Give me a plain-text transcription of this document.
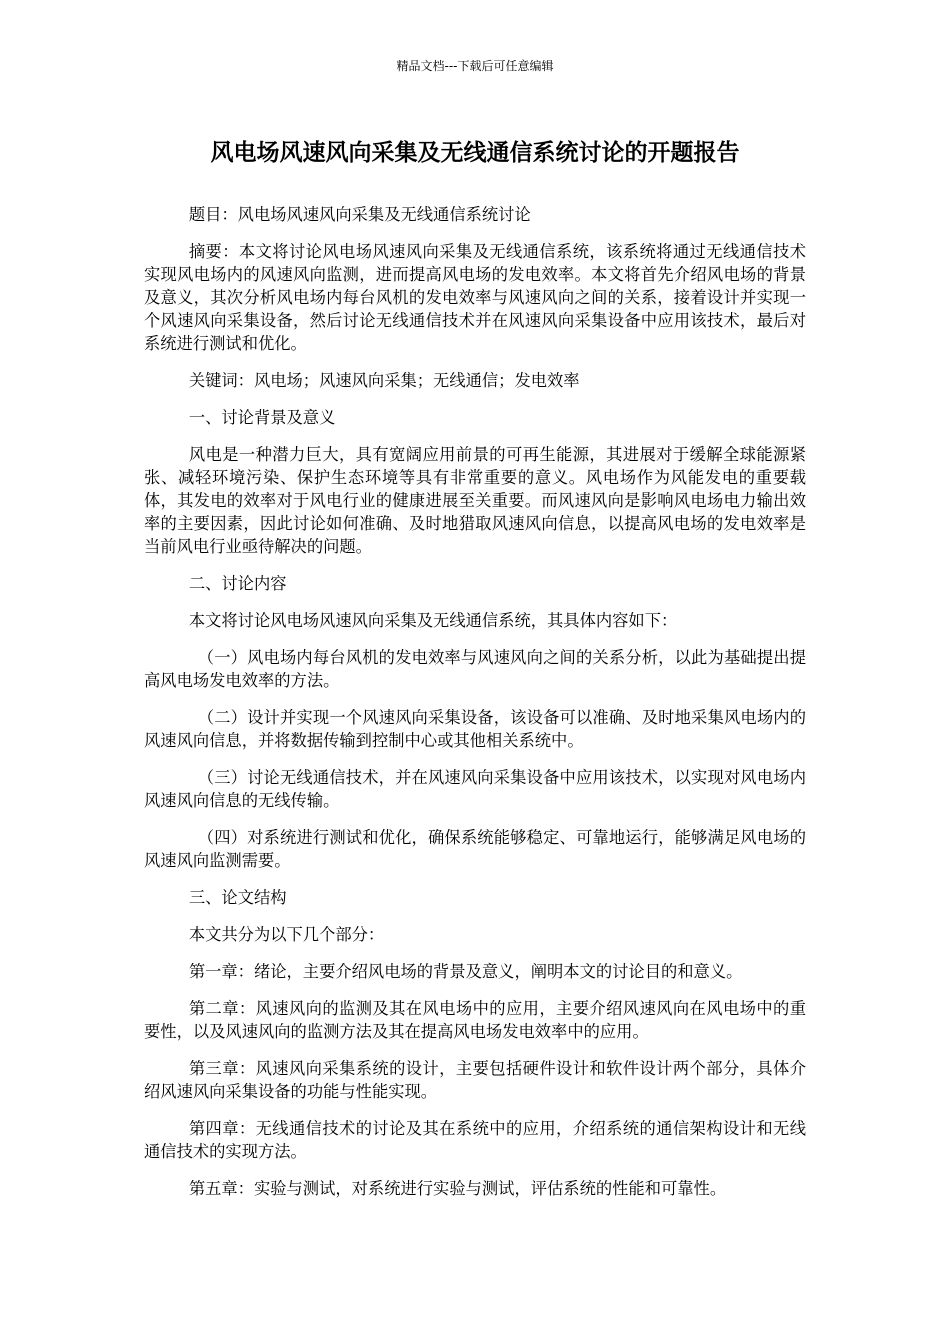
精品文档---下载后可任意编辑
风电场风速风向采集及无线通信系统讨论的开题报告

题目：风电场风速风向采集及无线通信系统讨论

摘要：本文将讨论风电场风速风向采集及无线通信系统，该系统将通过无线通信技术实现风电场内的风速风向监测，进而提高风电场的发电效率。本文将首先介绍风电场的背景及意义，其次分析风电场内每台风机的发电效率与风速风向之间的关系，接着设计并实现一个风速风向采集设备，然后讨论无线通信技术并在风速风向采集设备中应用该技术，最后对系统进行测试和优化。

关键词：风电场；风速风向采集；无线通信；发电效率

一、讨论背景及意义

风电是一种潜力巨大，具有宽阔应用前景的可再生能源，其进展对于缓解全球能源紧张、减轻环境污染、保护生态环境等具有非常重要的意义。风电场作为风能发电的重要载体，其发电的效率对于风电行业的健康进展至关重要。而风速风向是影响风电场电力输出效率的主要因素，因此讨论如何准确、及时地猎取风速风向信息，以提高风电场的发电效率是当前风电行业亟待解决的问题。

二、讨论内容

本文将讨论风电场风速风向采集及无线通信系统，其具体内容如下：

（一）风电场内每台风机的发电效率与风速风向之间的关系分析，以此为基础提出提高风电场发电效率的方法。

（二）设计并实现一个风速风向采集设备，该设备可以准确、及时地采集风电场内的风速风向信息，并将数据传输到控制中心或其他相关系统中。

（三）讨论无线通信技术，并在风速风向采集设备中应用该技术，以实现对风电场内风速风向信息的无线传输。

（四）对系统进行测试和优化，确保系统能够稳定、可靠地运行，能够满足风电场的风速风向监测需要。

三、论文结构

本文共分为以下几个部分：

第一章：绪论，主要介绍风电场的背景及意义，阐明本文的讨论目的和意义。

第二章：风速风向的监测及其在风电场中的应用，主要介绍风速风向在风电场中的重要性，以及风速风向的监测方法及其在提高风电场发电效率中的应用。

第三章：风速风向采集系统的设计，主要包括硬件设计和软件设计两个部分，具体介绍风速风向采集设备的功能与性能实现。

第四章：无线通信技术的讨论及其在系统中的应用，介绍系统的通信架构设计和无线通信技术的实现方法。

第五章：实验与测试，对系统进行实验与测试，评估系统的性能和可靠性。
